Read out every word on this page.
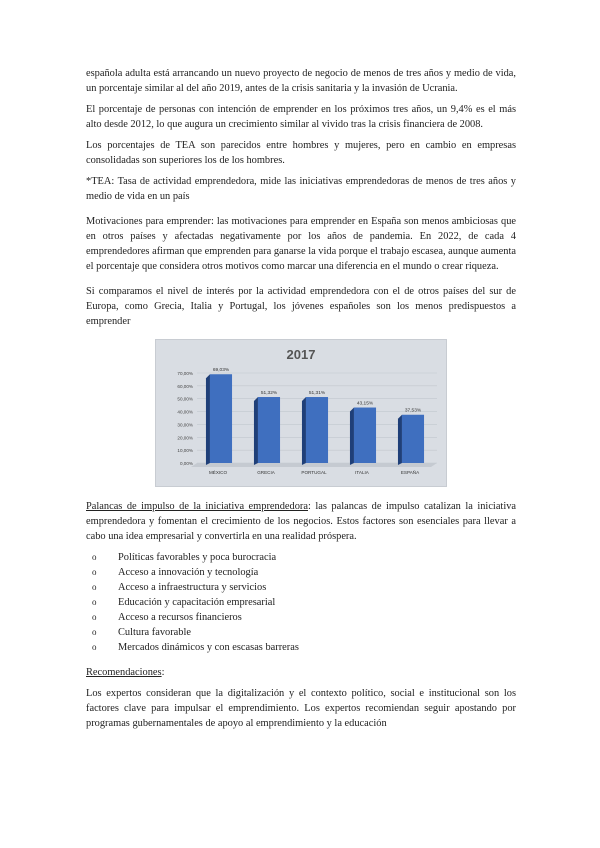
española adulta está arrancando un nuevo proyecto de negocio de menos de tres años y medio de vida, un porcentaje similar al del año 2019, antes de la crisis sanitaria y la invasión de Ucrania.

El porcentaje de personas con intención de emprender en los próximos tres años, un 9,4% es el más alto desde 2012, lo que augura un crecimiento similar al vivido tras la crisis financiera de 2008.

Los porcentajes de TEA son parecidos entre hombres y mujeres, pero en cambio en empresas consolidadas son superiores los de los hombres.

*TEA: Tasa de actividad emprendedora, mide las iniciativas emprendedoras de menos de tres años y medio de vida en un país

Motivaciones para emprender: las motivaciones para emprender en España son menos ambiciosas que en otros países y afectadas negativamente por los años de pandemia. En 2022, de cada 4 emprendedores afirman que emprenden para ganarse la vida porque el trabajo escasea, aunque aumenta el porcentaje que considera otros motivos como marcar una diferencia en el mundo o crear riqueza.

Si comparamos el nivel de interés por la actividad emprendedora con el de otros países del sur de Europa, como Grecia, Italia y Portugal, los jóvenes españoles son los menos predispuestos a emprender

2017
0,00%
10,00%
20,00%
30,00%
40,00%
50,00%
60,00%
70,00%
69,03%
MÉXICO
51,32%
GRECIA
51,31%
PORTUGAL
43,15%
ITALIA
37,53%
ESPAÑA

Palancas de impulso de la iniciativa emprendedora: las palancas de impulso catalizan la iniciativa emprendedora y fomentan el crecimiento de los negocios. Estos factores son esenciales para llevar a cabo una idea empresarial y convertirla en una realidad próspera.

o	Políticas favorables y poca burocracia
o	Acceso a innovación y tecnología
o	Acceso a infraestructura y servicios
o	Educación y capacitación empresarial
o	Acceso a recursos financieros
o	Cultura favorable
o	Mercados dinámicos y con escasas barreras

Recomendaciones:

Los expertos consideran que la digitalización y el contexto político, social e institucional son los factores clave para impulsar el emprendimiento. Los expertos recomiendan seguir apostando por programas gubernamentales de apoyo al emprendimiento y la educación
